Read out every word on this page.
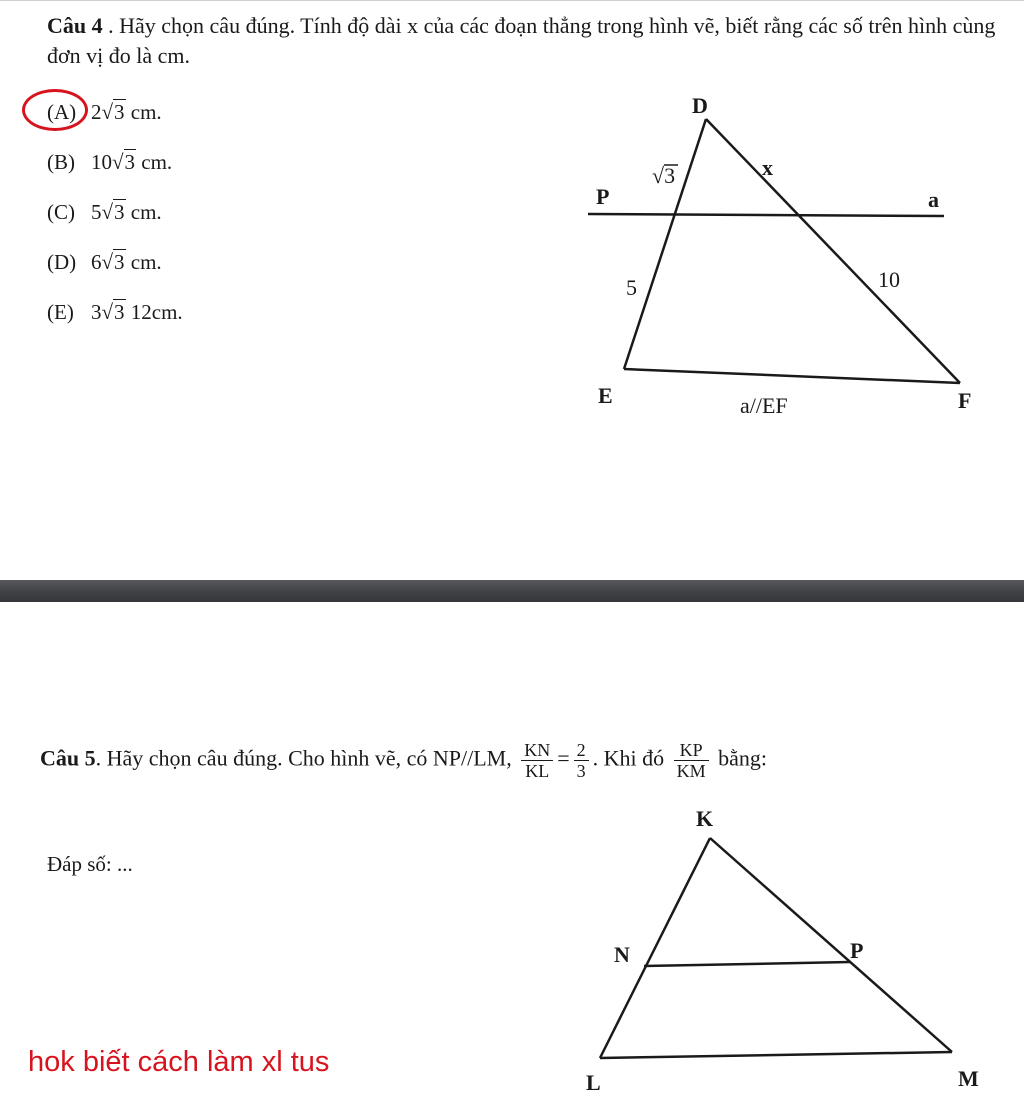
Câu 4 . Hãy chọn câu đúng. Tính độ dài x của các đoạn thẳng trong hình vẽ, biết rằng các số trên hình cùng đơn vị đo là cm.
(A) 2√3 cm.
(B) 10√3 cm.
(C) 5√3 cm.
(D) 6√3 cm.
(E) 3√3 12cm.
D
P
E	F
a
√3	x
5	10
a//EF
Câu 5. Hãy chọn câu đúng. Cho hình vẽ, có NP//LM, $\frac{KN}{KL} = \frac{2}{3}$ . Khi đó $\frac{KP}{KM}$ bằng:
Đáp số: ...
K
N	P
L	M
hok biết cách làm xl tus
